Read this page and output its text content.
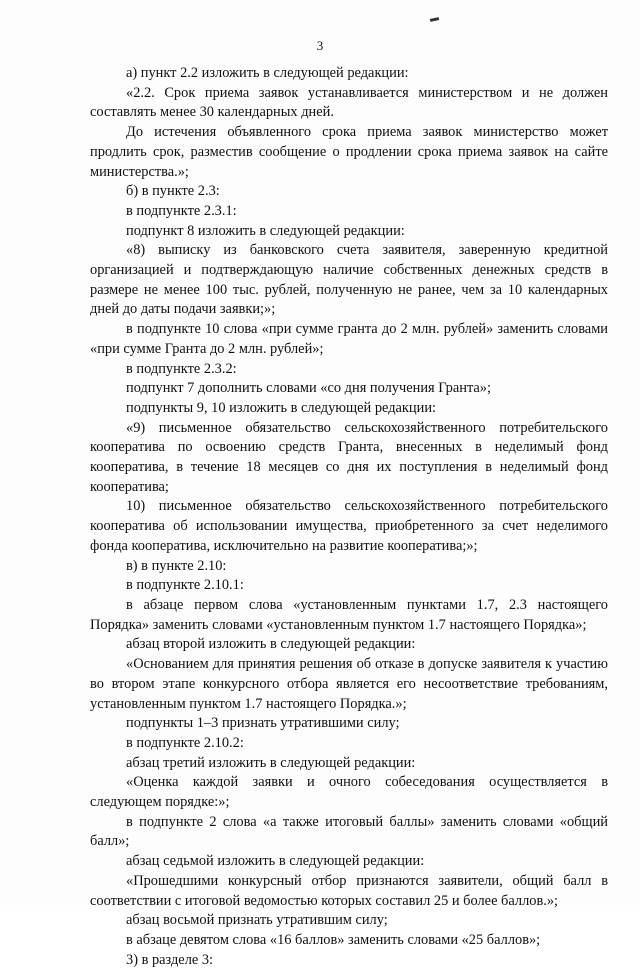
3

а) пункт 2.2 изложить в следующей редакции:

«2.2. Срок приема заявок устанавливается министерством и не должен составлять менее 30 календарных дней.

До истечения объявленного срока приема заявок министерство может продлить срок, разместив сообщение о продлении срока приема заявок на сайте министерства.»;

б) в пункте 2.3:

в подпункте 2.3.1:

подпункт 8 изложить в следующей редакции:

«8) выписку из банковского счета заявителя, заверенную кредитной организацией и подтверждающую наличие собственных денежных средств в размере не менее 100 тыс. рублей, полученную не ранее, чем за 10 календарных дней до даты подачи заявки;»;

в подпункте 10 слова «при сумме гранта до 2 млн. рублей» заменить словами «при сумме Гранта до 2 млн. рублей»;

в подпункте 2.3.2:

подпункт 7 дополнить словами «со дня получения Гранта»;

подпункты 9, 10 изложить в следующей редакции:

«9) письменное обязательство сельскохозяйственного потребительского кооператива по освоению средств Гранта, внесенных в неделимый фонд кооператива, в течение 18 месяцев со дня их поступления в неделимый фонд кооператива;

10) письменное обязательство сельскохозяйственного потребительского кооператива об использовании имущества, приобретенного за счет неделимого фонда кооператива, исключительно на развитие кооператива;»;

в) в пункте 2.10:

в подпункте 2.10.1:

в абзаце первом слова «установленным пунктами 1.7, 2.3 настоящего Порядка» заменить словами «установленным пунктом 1.7 настоящего Порядка»;

абзац второй изложить в следующей редакции:

«Основанием для принятия решения об отказе в допуске заявителя к участию во втором этапе конкурсного отбора является его несоответствие требованиям, установленным пунктом 1.7 настоящего Порядка.»;

подпункты 1–3 признать утратившими силу;

в подпункте 2.10.2:

абзац третий изложить в следующей редакции:

«Оценка каждой заявки и очного собеседования осуществляется в следующем порядке:»;

в подпункте 2 слова «а также итоговый баллы» заменить словами «общий балл»;

абзац седьмой изложить в следующей редакции:

«Прошедшими конкурсный отбор признаются заявители, общий балл в соответствии с итоговой ведомостью которых составил 25 и более баллов.»;

абзац восьмой признать утратившим силу;

в абзаце девятом слова «16 баллов» заменить словами «25 баллов»;

3) в разделе 3:
